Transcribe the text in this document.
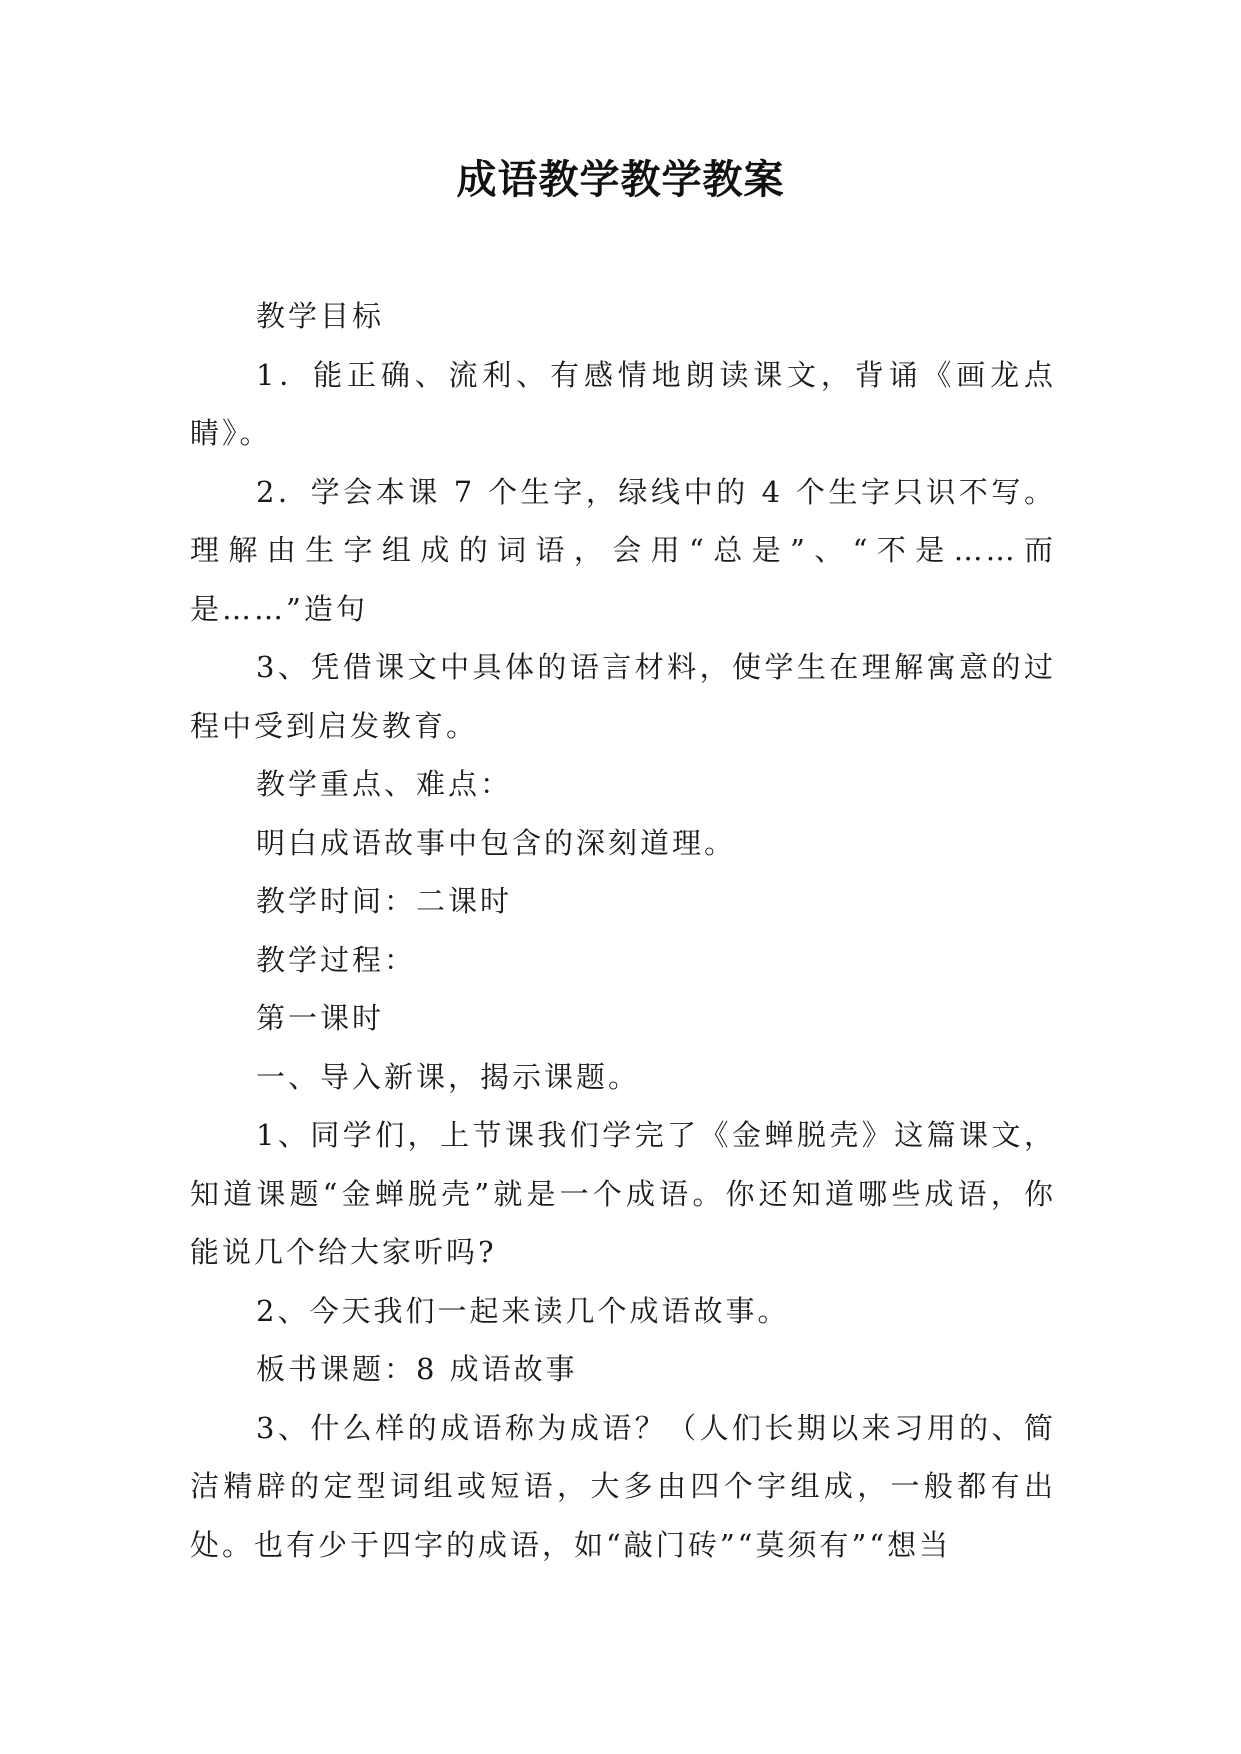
成语教学教学教案

教学目标

1．能正确、流利、有感情地朗读课文，背诵《画龙点睛》。

2．学会本课 7 个生字，绿线中的 4 个生字只识不写。理解由生字组成的词语，会用“总是”、“不是……而是……”造句

3、凭借课文中具体的语言材料，使学生在理解寓意的过程中受到启发教育。

教学重点、难点：

明白成语故事中包含的深刻道理。

教学时间：二课时

教学过程：

第一课时

一、导入新课，揭示课题。

1、同学们，上节课我们学完了《金蝉脱壳》这篇课文，知道课题“金蝉脱壳”就是一个成语。你还知道哪些成语，你能说几个给大家听吗?

2、今天我们一起来读几个成语故事。

板书课题：8 成语故事

3、什么样的成语称为成语？（人们长期以来习用的、简洁精辟的定型词组或短语，大多由四个字组成，一般都有出处。也有少于四字的成语，如“敲门砖”“莫须有”“想当
